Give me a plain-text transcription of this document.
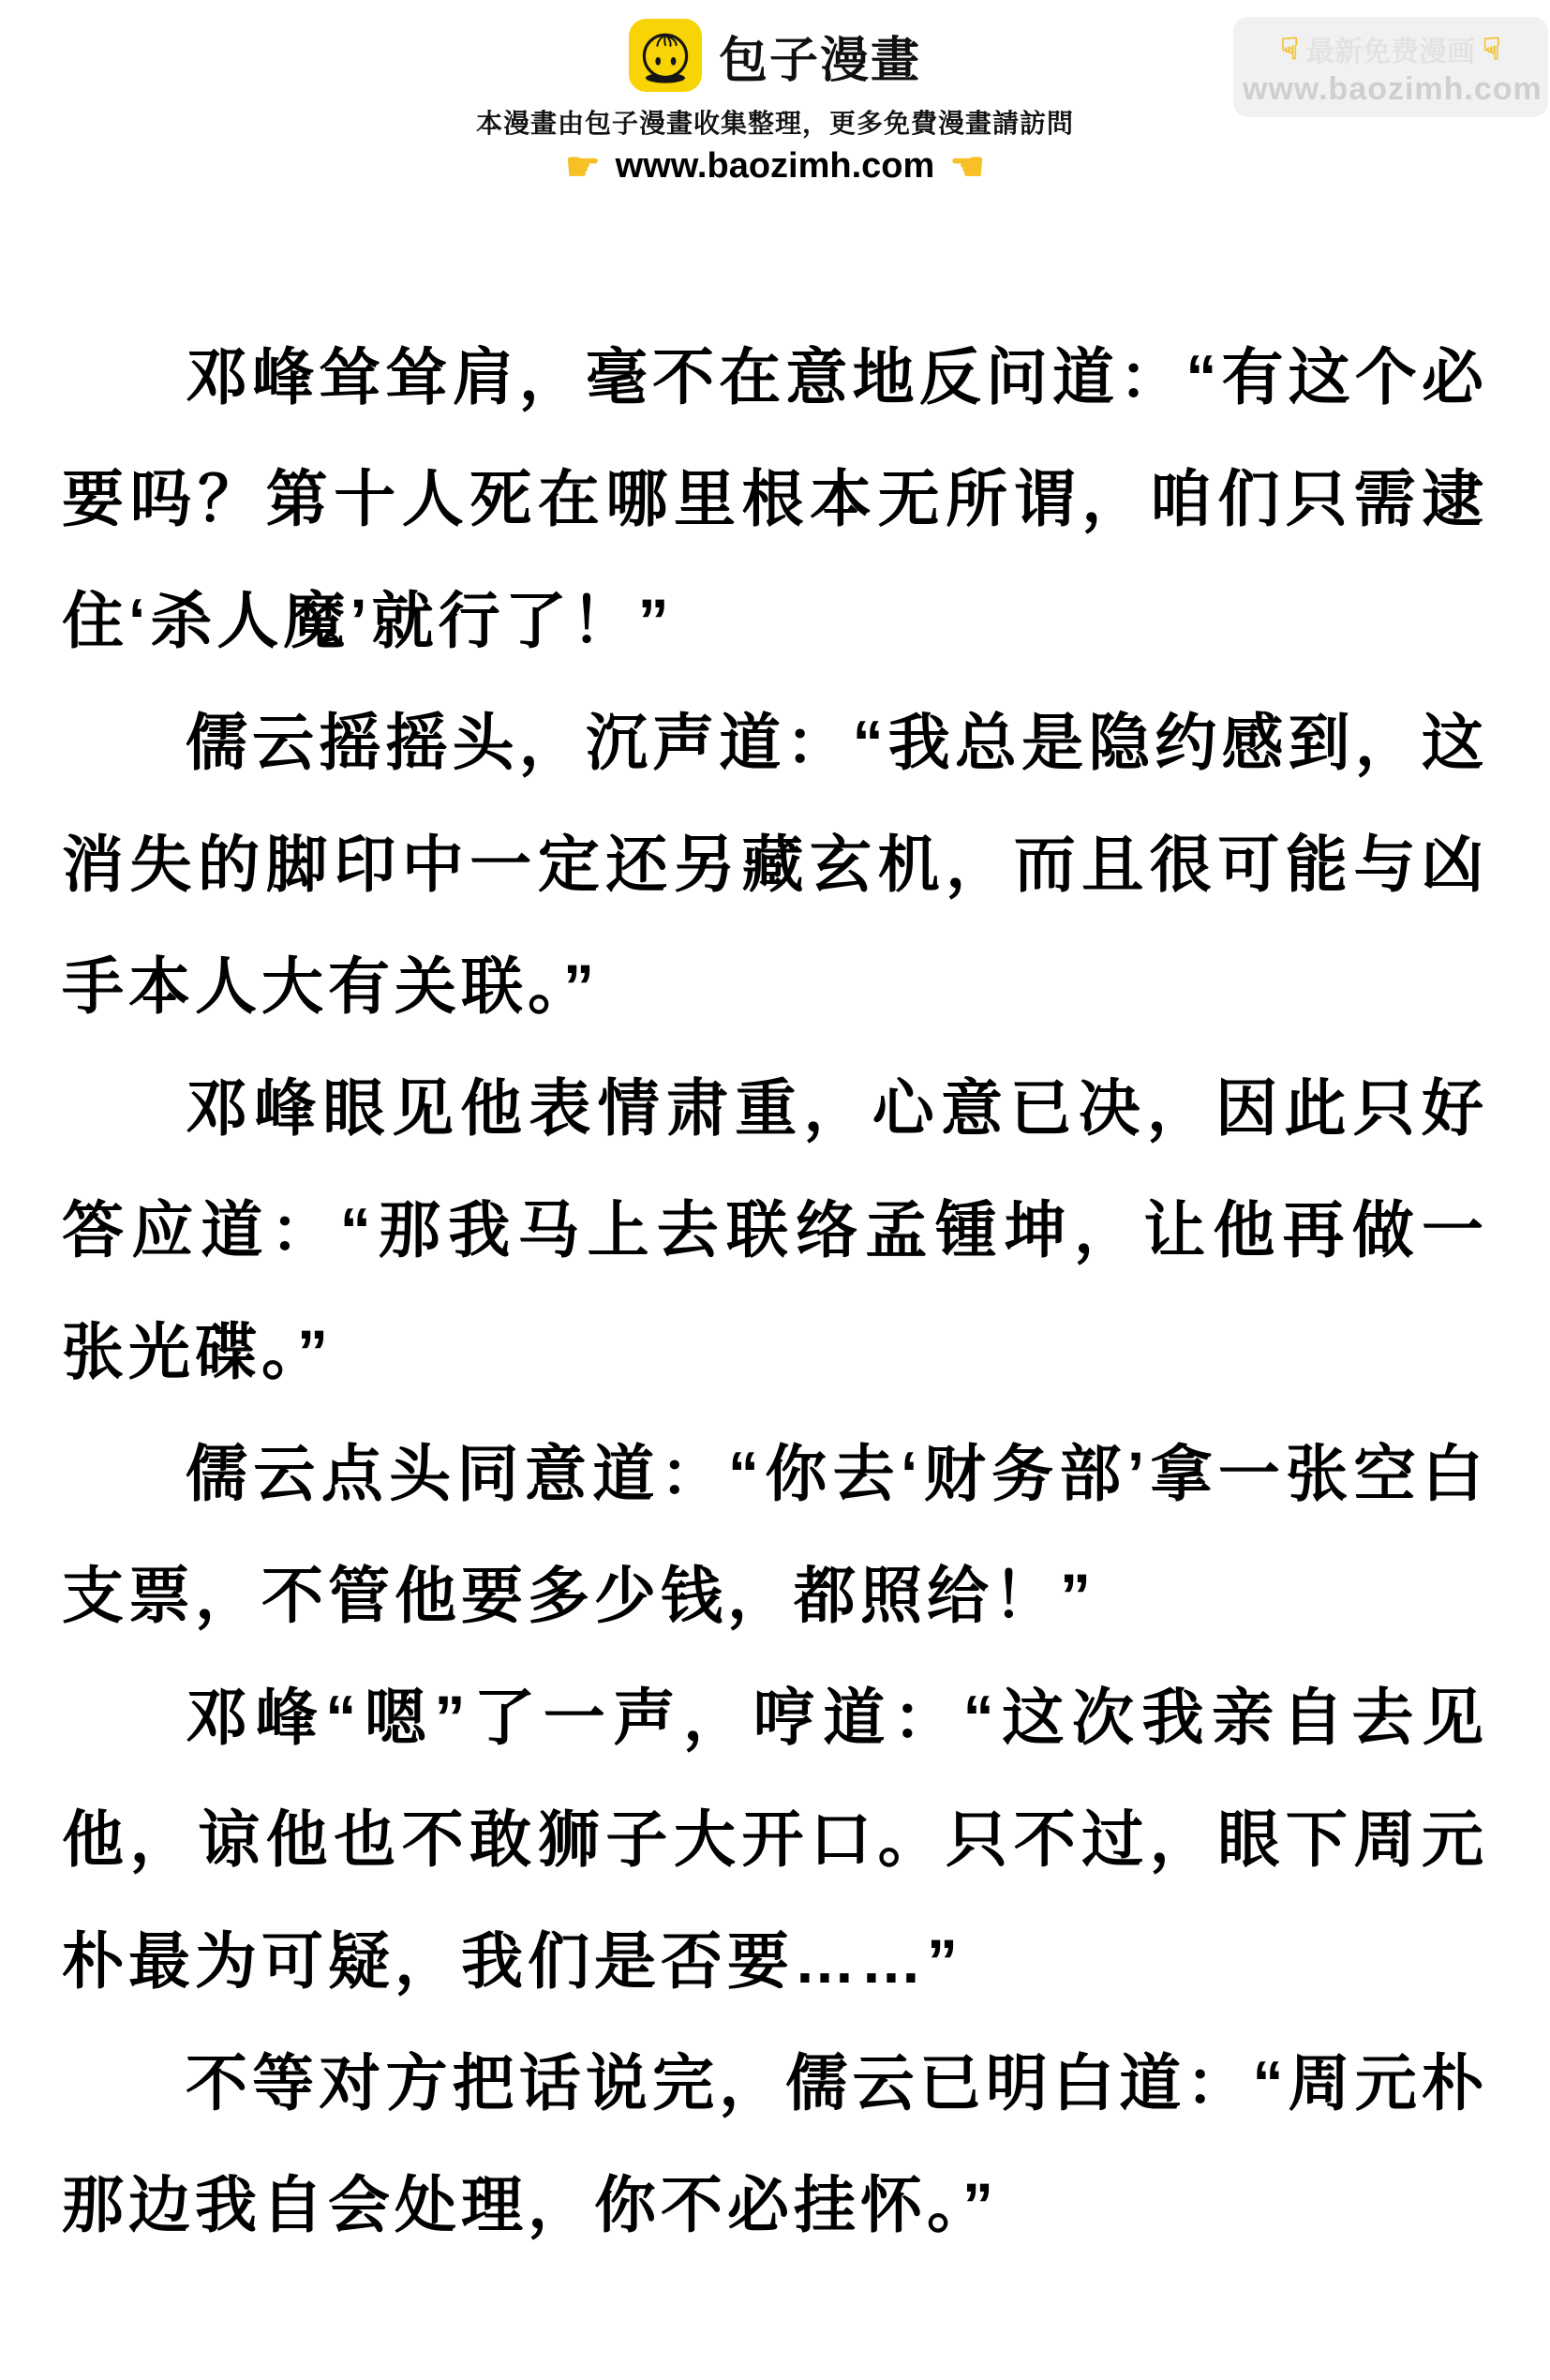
包子漫畫
本漫畫由包子漫畫收集整理，更多免費漫畫請訪問
☛ www.baozimh.com ☚
☟ 最新免费漫画 ☟
www.baozimh.com

邓峰耸耸肩，毫不在意地反问道：“有这个必要吗？第十人死在哪里根本无所谓，咱们只需逮住‘杀人魔’就行了！”

儒云摇摇头，沉声道：“我总是隐约感到，这消失的脚印中一定还另藏玄机，而且很可能与凶手本人大有关联。”

邓峰眼见他表情肃重，心意已决，因此只好答应道：“那我马上去联络孟锺坤，让他再做一张光碟。”

儒云点头同意道：“你去‘财务部’拿一张空白支票，不管他要多少钱，都照给！”

邓峰“嗯”了一声，哼道：“这次我亲自去见他，谅他也不敢狮子大开口。只不过，眼下周元朴最为可疑，我们是否要……”

不等对方把话说完，儒云已明白道：“周元朴那边我自会处理，你不必挂怀。”
